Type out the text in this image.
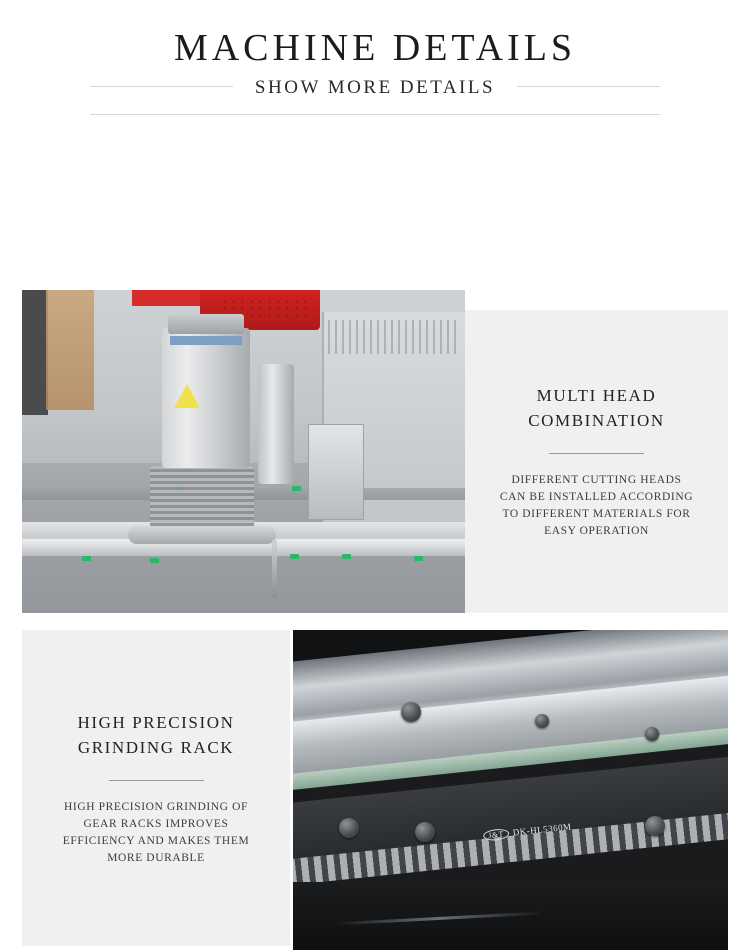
MACHINE DETAILS
SHOW MORE DETAILS
MULTI HEAD COMBINATION
DIFFERENT CUTTING HEADS CAN BE INSTALLED ACCORDING TO DIFFERENT MATERIALS FOR EASY OPERATION
HIGH PRECISION GRINDING RACK
HIGH PRECISION GRINDING OF GEAR RACKS IMPROVES EFFICIENCY AND MAKES THEM MORE DURABLE
J&T DK-HL5360M
